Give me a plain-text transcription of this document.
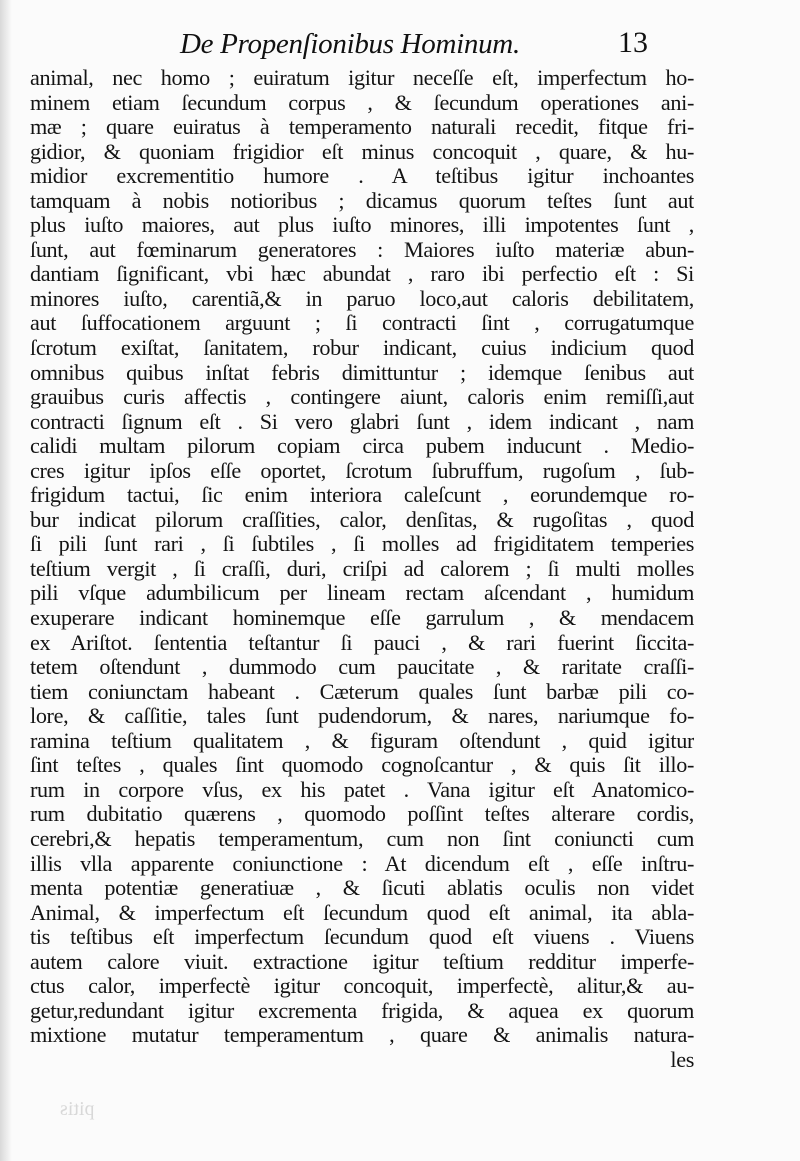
De Propenſionibus Hominum.	13
animal, nec homo ; euiratum igitur neceſſe eſt, imperfectum ho-
minem etiam ſecundum corpus , & ſecundum operationes ani-
mæ ; quare euiratus à temperamento naturali recedit, fitque fri-
gidior, & quoniam frigidior eſt minus concoquit , quare, & hu-
midior excrementitio humore . A teſtibus igitur inchoantes
tamquam à nobis notioribus ; dicamus quorum teſtes ſunt aut
plus iuſto maiores, aut plus iuſto minores, illi impotentes ſunt ,
ſunt, aut fœminarum generatores : Maiores iuſto materiæ abun-
dantiam ſignificant, vbi hæc abundat , raro ibi perfectio eſt : Si
minores iuſto, carentiã,& in paruo loco,aut caloris debilitatem,
aut ſuffocationem arguunt ; ſi contracti ſint , corrugatumque
ſcrotum exiſtat, ſanitatem, robur indicant, cuius indicium quod
omnibus quibus inſtat febris dimittuntur ; idemque ſenibus aut
grauibus curis affectis , contingere aiunt, caloris enim remiſſi,aut
contracti ſignum eſt . Si vero glabri ſunt , idem indicant , nam
calidi multam pilorum copiam circa pubem inducunt . Medio-
cres igitur ipſos eſſe oportet, ſcrotum ſubruffum, rugoſum , ſub-
frigidum tactui, ſic enim interiora caleſcunt , eorundemque ro-
bur indicat pilorum craſſities, calor, denſitas, & rugoſitas , quod
ſi pili ſunt rari , ſi ſubtiles , ſi molles ad frigiditatem temperies
teſtium vergit , ſi craſſi, duri, criſpi ad calorem ; ſi multi molles
pili vſque adumbilicum per lineam rectam aſcendant , humidum
exuperare indicant hominemque eſſe garrulum , & mendacem
ex Ariſtot. ſententia teſtantur ſi pauci , & rari fuerint ſiccita-
tetem oſtendunt , dummodo cum paucitate , & raritate craſſi-
tiem coniunctam habeant . Cæterum quales ſunt barbæ pili co-
lore, & caſſitie, tales ſunt pudendorum, & nares, nariumque fo-
ramina teſtium qualitatem , & figuram oſtendunt , quid igitur
ſint teſtes , quales ſint quomodo cognoſcantur , & quis ſit illo-
rum in corpore vſus, ex his patet . Vana igitur eſt Anatomico-
rum dubitatio quærens , quomodo poſſint teſtes alterare cordis,
cerebri,& hepatis temperamentum, cum non ſint coniuncti cum
illis vlla apparente coniunctione : At dicendum eſt , eſſe inſtru-
menta potentiæ generatiuæ , & ſicuti ablatis oculis non videt
Animal, & imperfectum eſt ſecundum quod eſt animal, ita abla-
tis teſtibus eſt imperfectum ſecundum quod eſt viuens . Viuens
autem calore viuit. extractione igitur teſtium redditur imperfe-
ctus calor, imperfectè igitur concoquit, imperfectè, alitur,& au-
getur,redundant igitur excrementa frigida, & aquea ex quorum
mixtione mutatur temperamentum , quare & animalis natura-
les
pitis
